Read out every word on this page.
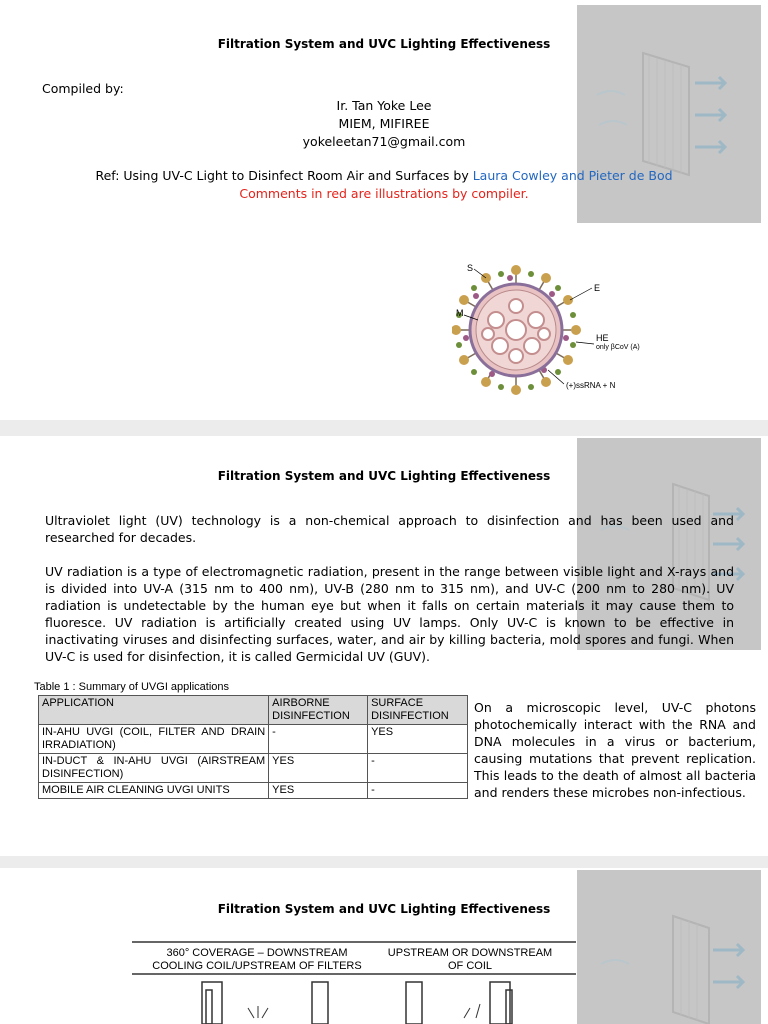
Filtration System and UVC Lighting Effectiveness
Compiled by:
Ir. Tan Yoke Lee
MIEM, MIFIREE
yokeleetan71@gmail.com
Ref: Using UV-C Light to Disinfect Room Air and Surfaces by Laura Cowley and Pieter de Bod
Comments in red are illustrations by compiler.
S
E
M
HE
only βCoV (A)
(+)ssRNA + N
Filtration System and UVC Lighting Effectiveness
Ultraviolet light (UV) technology is a non-chemical approach to disinfection and has been used and researched for decades.
UV radiation is a type of electromagnetic radiation, present in the range between visible light and X-rays and is divided into UV-A (315 nm to 400 nm), UV-B (280 nm to 315 nm), and UV-C (200 nm to 280 nm). UV radiation is undetectable by the human eye but when it falls on certain materials it may cause them to fluoresce. UV radiation is artificially created using UV lamps. Only UV-C is known to be effective in inactivating viruses and disinfecting surfaces, water, and air by killing bacteria, mold spores and fungi. When UV-C is used for disinfection, it is called Germicidal UV (GUV).
Table 1 : Summary of UVGI applications
APPLICATION	AIRBORNE DISINFECTION	SURFACE DISINFECTION
IN-AHU UVGI (COIL, FILTER AND DRAIN IRRADIATION)	-	YES
IN-DUCT & IN-AHU UVGI (AIRSTREAM DISINFECTION)	YES	-
MOBILE AIR CLEANING UVGI UNITS	YES	-
On a microscopic level, UV-C photons photochemically interact with the RNA and DNA molecules in a virus or bacterium, causing mutations that prevent replication. This leads to the death of almost all bacteria and renders these microbes non-infectious.
Filtration System and UVC Lighting Effectiveness
360° COVERAGE – DOWNSTREAM COOLING COIL/UPSTREAM OF FILTERS
UPSTREAM OR DOWNSTREAM OF COIL
